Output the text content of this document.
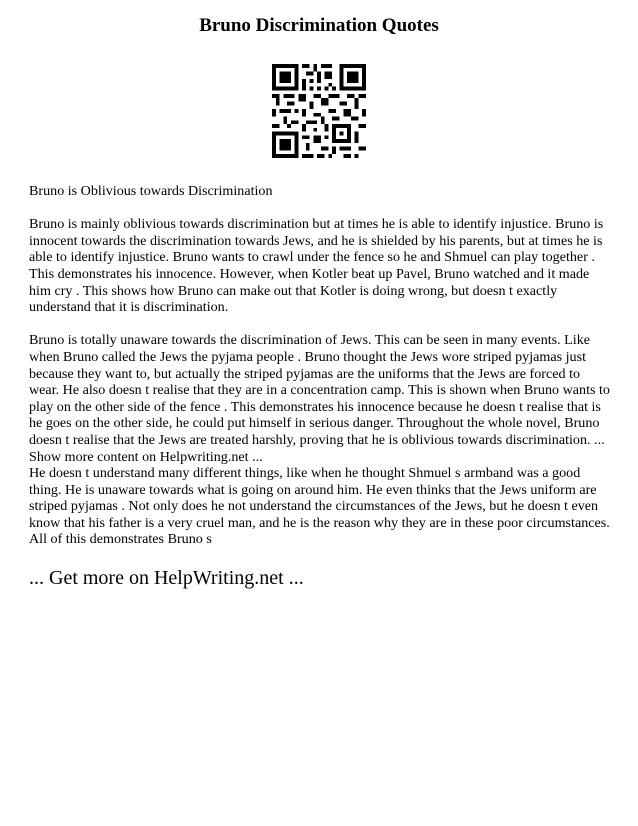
Bruno Discrimination Quotes

Bruno is Oblivious towards Discrimination

Bruno is mainly oblivious towards discrimination but at times he is able to identify injustice. Bruno is innocent towards the discrimination towards Jews, and he is shielded by his parents, but at times he is able to identify injustice. Bruno wants to crawl under the fence so he and Shmuel can play together . This demonstrates his innocence. However, when Kotler beat up Pavel, Bruno watched and it made him cry . This shows how Bruno can make out that Kotler is doing wrong, but doesn t exactly understand that it is discrimination.

Bruno is totally unaware towards the discrimination of Jews. This can be seen in many events. Like when Bruno called the Jews the pyjama people . Bruno thought the Jews wore striped pyjamas just because they want to, but actually the striped pyjamas are the uniforms that the Jews are forced to wear. He also doesn t realise that they are in a concentration camp. This is shown when Bruno wants to play on the other side of the fence . This demonstrates his innocence because he doesn t realise that is he goes on the other side, he could put himself in serious danger. Throughout the whole novel, Bruno doesn t realise that the Jews are treated harshly, proving that he is oblivious towards discrimination. ... Show more content on Helpwriting.net ...

He doesn t understand many different things, like when he thought Shmuel s armband was a good thing. He is unaware towards what is going on around him. He even thinks that the Jews uniform are striped pyjamas . Not only does he not understand the circumstances of the Jews, but he doesn t even know that his father is a very cruel man, and he is the reason why they are in these poor circumstances. All of this demonstrates Bruno s

... Get more on HelpWriting.net ...
